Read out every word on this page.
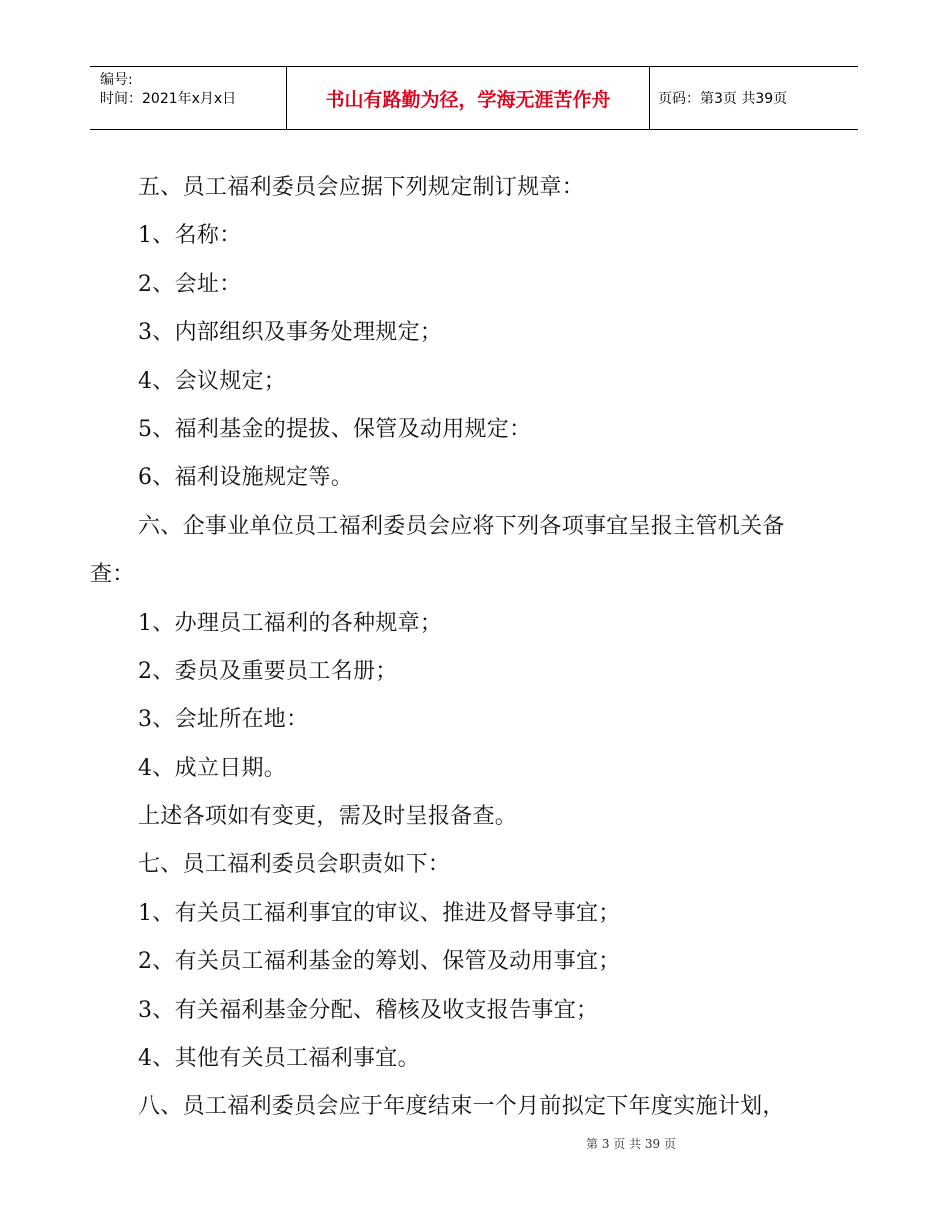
编号:
时间：2021年x月x日	书山有路勤为径，学海无涯苦作舟	页码：第3页 共39页
五、员工福利委员会应据下列规定制订规章：
1、名称：
2、会址：
3、内部组织及事务处理规定；
4、会议规定；
5、福利基金的提拔、保管及动用规定：
6、福利设施规定等。
六、企事业单位员工福利委员会应将下列各项事宜呈报主管机关备
查：
1、办理员工福利的各种规章；
2、委员及重要员工名册；
3、会址所在地：
4、成立日期。
上述各项如有变更，需及时呈报备查。
七、员工福利委员会职责如下：
1、有关员工福利事宜的审议、推进及督导事宜；
2、有关员工福利基金的筹划、保管及动用事宜；
3、有关福利基金分配、稽核及收支报告事宜；
4、其他有关员工福利事宜。
八、员工福利委员会应于年度结束一个月前拟定下年度实施计划，
第 3 页 共 39 页
